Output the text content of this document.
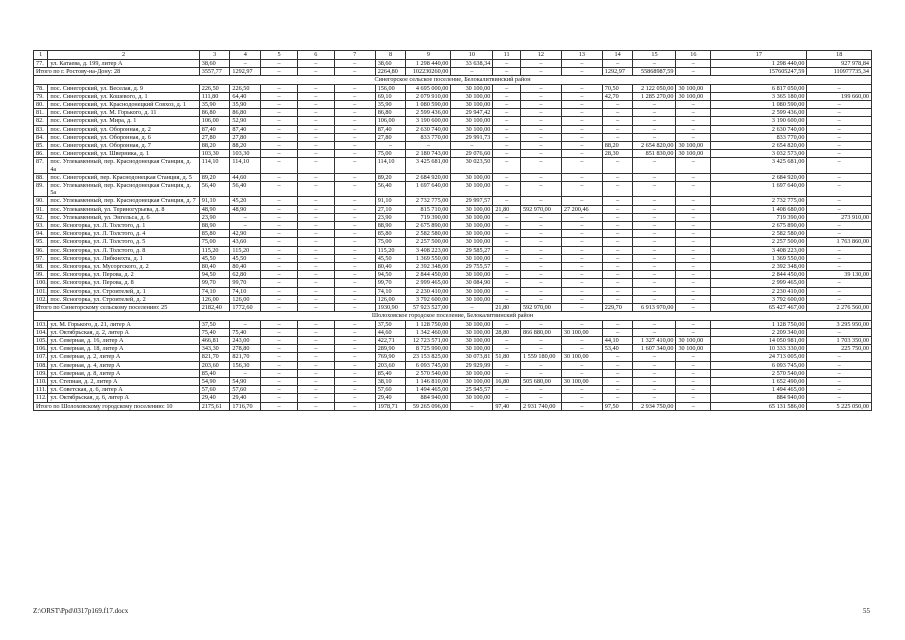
1	2	3	4	5	6	7	8	9	10	11	12	13	14	15	16	17	18
77.	ул. Катаева, д. 199, литер А	38,60	–	–	–	–	38,60	1 298 440,00	33 638,34	–	–	–	–	–	–	1 298 440,00	927 978,84
Итого по г. Ростову-на-Дону: 28		3557,77	1292,97	–	–	–	2264,80	102230260,00	–	–	–	–	1292,97	55868987,59	–	157605247,59	110977735,34
Синегорское сельское поселение, Белокалитвинский район																	
78.	пос. Синегорский, ул. Веселая, д. 9	226,50	226,50	–	–	–	156,00	4 695 000,00	30 100,00	–	–	–	70,50	2 122 050,00	30 100,00	6 817 050,00	–
79.	пос. Синегорский, ул. Кошевого, д. 1	111,80	64,40	–	–	–	69,10	2 079 910,00	30 100,00	–	–	–	42,70	1 285 270,00	30 100,00	3 365 180,00	199 660,00
80.	пос. Синегорский, ул. Краснодонецкий Совхоз, д. 1	35,90	35,90	–	–	–	35,90	1 080 590,00	30 100,00	–	–	–	–	–	–	1 080 590,00	–
81.	пос. Синегорский, ул. М. Горького, д. 11	86,80	86,80	–	–	–	86,80	2 599 436,00	29 947,42	–	–	–	–	–	–	2 599 436,00	–
82.	пос. Синегорский, ул. Мира, д. 1	106,00	52,90	–	–	–	106,00	3 190 600,00	30 100,00	–	–	–	–	–	–	3 190 600,00	–
83.	пос. Синегорский, ул. Оборонная, д. 2	87,40	87,40	–	–	–	87,40	2 630 740,00	30 100,00	–	–	–	–	–	–	2 630 740,00	–
84.	пос. Синегорский, ул. Оборонная, д. 6	27,80	27,80	–	–	–	27,80	833 770,00	29 991,73	–	–	–	–	–	–	833 770,00	–
85.	пос. Синегорский, ул. Оборонная, д. 7	88,20	88,20	–	–	–	–	–	–	–	–	–	88,20	2 654 820,00	30 100,00	2 654 820,00	–
86.	пос. Синегорский, ул. Шверника, д. 1	103,30	103,30	–	–	–	75,00	2 180 743,00	29 076,60	–	–	–	28,30	851 830,00	30 100,00	3 032 573,00	–
87.	пос. Углекаменный, пер. Краснодонецкая Станция, д. 4а	114,10	114,10	–	–	–	114,10	3 425 681,00	30 023,50	–	–	–	–	–	–	3 425 681,00	–
88.	пос. Синегорский, пер. Краснодонецкая Станция, д. 5	89,20	44,60	–	–	–	89,20	2 684 920,00	30 100,00	–	–	–	–	–	–	2 684 920,00	–
89.	пос. Углекаменный, пер. Краснодонецкая Станция, д. 5а	56,40	56,40	–	–	–	56,40	1 697 640,00	30 100,00	–	–	–	–	–	–	1 697 640,00	–
90.	пос. Углекаменный, пер. Краснодонецкая Станция, д. 7	91,10	45,20	–	–	–	91,10	2 732 775,00	29 997,57	–	–	–	–	–	–	2 732 775,00	–
91.	пос. Углекаменный, ул. Териногурьева, д. 8	48,90	48,90	–	–	–	27,10	815 710,00	30 100,00	21,80	592 970,00	27 200,46	–	–	–	1 408 680,00	–
92.	пос. Углекаменный, ул. Энгельса, д. 6	23,90	–	–	–	–	23,90	719 390,00	30 100,00	–	–	–	–	–	–	719 390,00	273 910,00
93.	пос. Ясногорка, ул. Л. Толстого, д. 1	88,90	–	–	–	–	88,90	2 675 890,00	30 100,00	–	–	–	–	–	–	2 675 890,00	–
94.	пос. Ясногорка, ул. Л. Толстого, д. 4	85,80	42,90	–	–	–	85,80	2 582 580,00	30 100,00	–	–	–	–	–	–	2 582 580,00	–
95.	пос. Ясногорка, ул. Л. Толстого, д. 5	75,00	43,60	–	–	–	75,00	2 257 500,00	30 100,00	–	–	–	–	–	–	2 257 500,00	1 763 860,00
96.	пос. Ясногорка, ул. Л. Толстого, д. 8	115,20	115,20	–	–	–	115,20	3 408 223,00	29 585,27	–	–	–	–	–	–	3 408 223,00	–
97.	пос. Ясногорка, ул. Либкнехта, д. 1	45,50	45,50	–	–	–	45,50	1 369 550,00	30 100,00	–	–	–	–	–	–	1 369 550,00	–
98.	пос. Ясногорка, ул. Мусоргского, д. 2	80,40	80,40	–	–	–	80,40	2 392 348,00	29 755,57	–	–	–	–	–	–	2 392 348,00	–
99.	пос. Ясногорка, ул. Перова, д. 2	94,50	62,80	–	–	–	94,50	2 844 450,00	30 100,00	–	–	–	–	–	–	2 844 450,00	39 130,00
100.	пос. Ясногорка, ул. Перова, д. 8	99,70	99,70	–	–	–	99,70	2 999 465,00	30 084,90	–	–	–	–	–	–	2 999 465,00	–
101.	пос. Ясногорка, ул. Строителей, д. 1	74,10	74,10	–	–	–	74,10	2 230 410,00	30 100,00	–	–	–	–	–	–	2 230 410,00	–
102.	пос. Ясногорка, ул. Строителей, д. 2	126,00	126,00	–	–	–	126,00	3 792 600,00	30 100,00	–	–	–	–	–	–	3 792 600,00	–
Итого по Синегорскому сельскому поселению: 25		2182,40	1772,60	–	–	–	1930,90	57 923 527,00	–	21,80	592 970,00	–	229,70	6 913 970,00	–	65 427 467,00	2 276 560,00
Шолоховское городское поселение, Белокалитвинский район																	
103.	ул. М. Горького, д. 21, литер А	37,50	–	–	–	–	37,50	1 128 750,00	30 100,00	–	–	–	–	–	–	1 128 750,00	3 295 950,00
104.	ул. Октябрьская, д. 2, литер А	75,40	75,40	–	–	–	44,60	1 342 460,00	30 100,00	28,80	866 880,00	30 100,00	–	–	–	2 209 340,00	–
105.	ул. Северная, д. 16, литер А	466,81	243,00	–	–	–	422,71	12 723 571,00	30 100,00	–	–	–	44,10	1 327 410,00	30 100,00	14 050 981,00	1 703 350,00
106.	ул. Северная, д. 18, литер А	343,30	278,80	–	–	–	289,90	8 725 990,00	30 100,00	–	–	–	53,40	1 607 340,00	30 100,00	10 333 330,00	225 750,00
107.	ул. Северная, д. 2, литер А	821,70	821,70	–	–	–	769,90	23 153 825,00	30 073,81	51,80	1 559 180,00	30 100,00	–	–	–	24 713 005,00	–
108.	ул. Северная, д. 4, литер А	203,60	156,30	–	–	–	203,60	6 093 745,00	29 929,99	–	–	–	–	–	–	6 093 745,00	–
109.	ул. Северная, д. 8, литер А	85,40	–	–	–	–	85,40	2 570 540,00	30 100,00	–	–	–	–	–	–	2 570 540,00	–
110.	ул. Степная, д. 2, литер А	54,90	54,90	–	–	–	38,10	1 146 810,00	30 100,00	16,80	505 680,00	30 100,00	–	–	–	1 652 490,00	–
111.	ул. Советская, д. 6, литер А	57,60	57,60	–	–	–	57,60	1 494 465,00	25 945,57	–	–	–	–	–	–	1 494 465,00	–
112.	ул. Октябрьская, д. 6, литер А	29,40	29,40	–	–	–	29,40	884 940,00	30 100,00	–	–	–	–	–	–	884 940,00	–
Итого по Шолоховскому городскому поселению: 10		2175,61	1716,70	–	–	–	1978,71	59 265 096,00	–	97,40	2 931 740,00	–	97,50	2 934 750,00	–	65 131 586,00	5 225 050,00
Z:\ORST\Ppd\0317p169.f17.docx	55
